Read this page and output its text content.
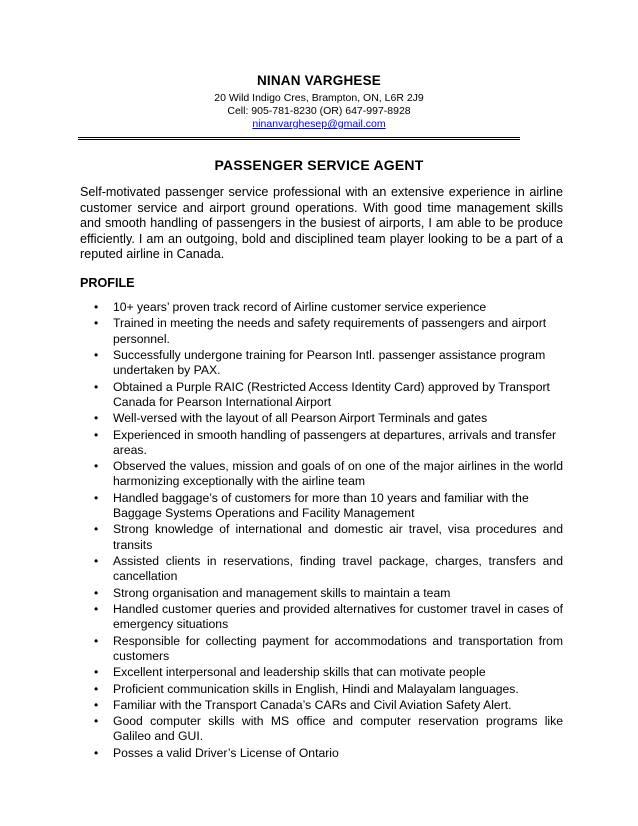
NINAN VARGHESE
20 Wild Indigo Cres, Brampton, ON, L6R 2J9
Cell: 905-781-8230 (OR) 647-997-8928
ninanvarghesep@gmail.com
PASSENGER SERVICE AGENT
Self-motivated passenger service professional with an extensive experience in airline customer service and airport ground operations. With good time management skills and smooth handling of passengers in the busiest of airports, I am able to be produce efficiently. I am an outgoing, bold and disciplined team player looking to be a part of a reputed airline in Canada.
PROFILE
• 10+ years’ proven track record of Airline customer service experience
• Trained in meeting the needs and safety requirements of passengers and airport personnel.
• Successfully undergone training for Pearson Intl. passenger assistance program undertaken by PAX.
• Obtained a Purple RAIC (Restricted Access Identity Card) approved by Transport Canada for Pearson International Airport
• Well-versed with the layout of all Pearson Airport Terminals and gates
• Experienced in smooth handling of passengers at departures, arrivals and transfer areas.
• Observed the values, mission and goals of on one of the major airlines in the world harmonizing exceptionally with the airline team
• Handled baggage’s of customers for more than 10 years and familiar with the Baggage Systems Operations and Facility Management
• Strong knowledge of international and domestic air travel, visa procedures and transits
• Assisted clients in reservations, finding travel package, charges, transfers and cancellation
• Strong organisation and management skills to maintain a team
• Handled customer queries and provided alternatives for customer travel in cases of emergency situations
• Responsible for collecting payment for accommodations and transportation from customers
• Excellent interpersonal and leadership skills that can motivate people
• Proficient communication skills in English, Hindi and Malayalam languages.
• Familiar with the Transport Canada’s CARs and Civil Aviation Safety Alert.
• Good computer skills with MS office and computer reservation programs like Galileo and GUI.
• Posses a valid Driver’s License of Ontario
